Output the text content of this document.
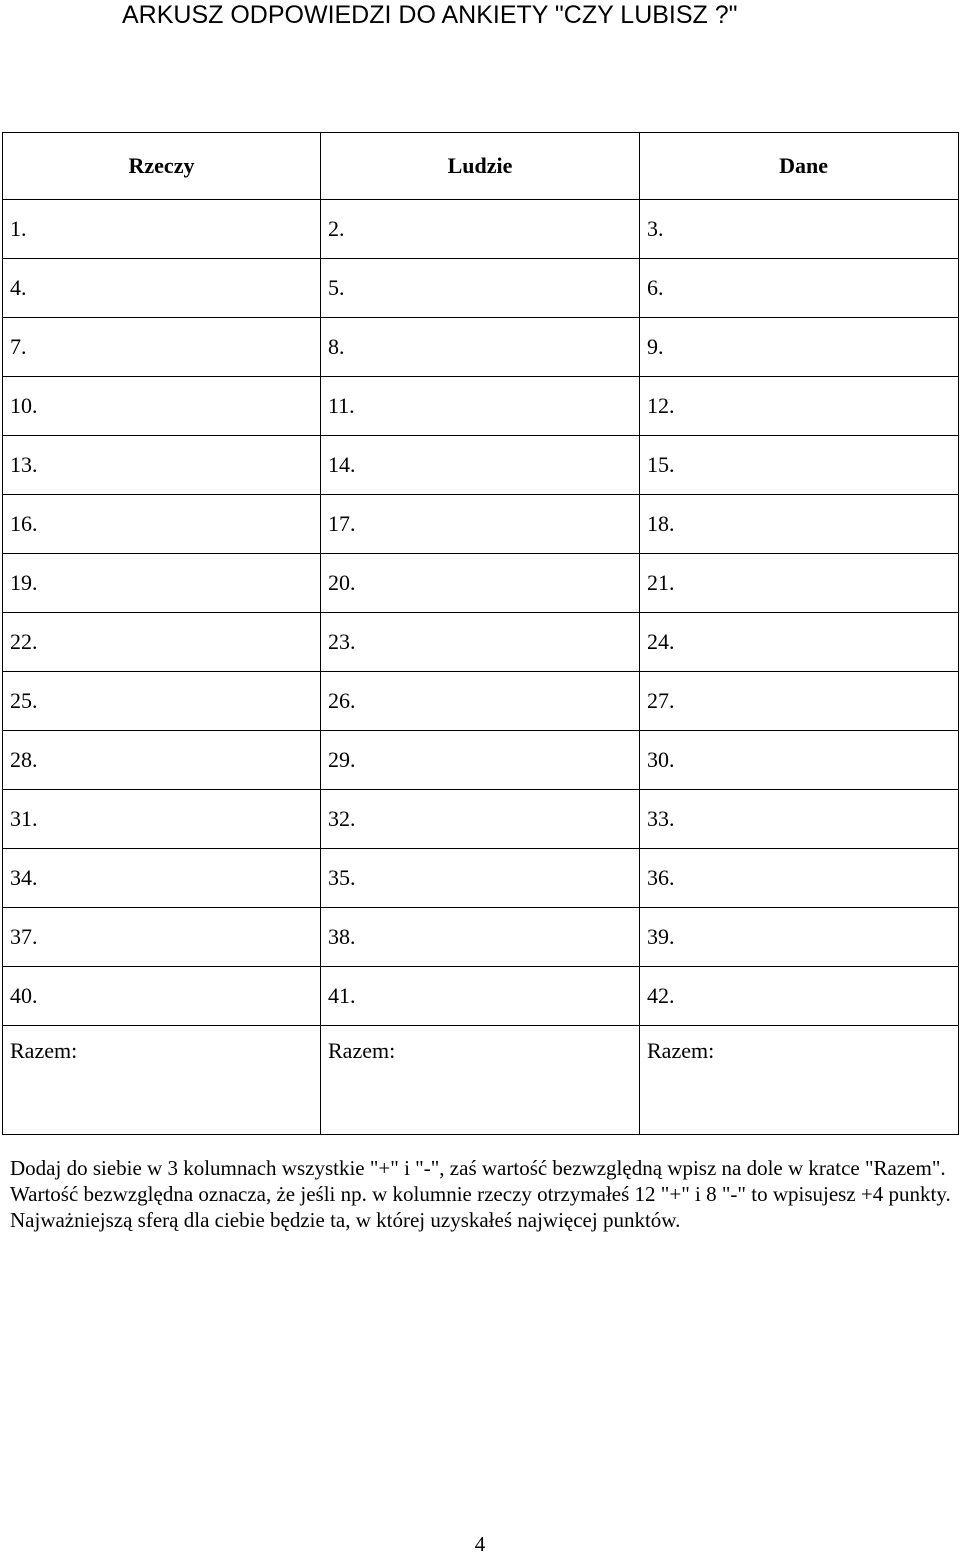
ARKUSZ ODPOWIEDZI DO ANKIETY "CZY LUBISZ ?"
Rzeczy	Ludzie	Dane
1.	2.	3.
4.	5.	6.
7.	8.	9.
10.	11.	12.
13.	14.	15.
16.	17.	18.
19.	20.	21.
22.	23.	24.
25.	26.	27.
28.	29.	30.
31.	32.	33.
34.	35.	36.
37.	38.	39.
40.	41.	42.
Razem:	Razem:	Razem:

Dodaj do siebie w 3 kolumnach wszystkie "+" i "-", zaś wartość bezwzględną wpisz na dole w kratce "Razem". Wartość bezwzględna oznacza, że jeśli np. w kolumnie rzeczy otrzymałeś 12 "+" i 8 "-" to wpisujesz +4 punkty.

Najważniejszą sferą dla ciebie będzie ta, w której uzyskałeś najwięcej punktów.

4
